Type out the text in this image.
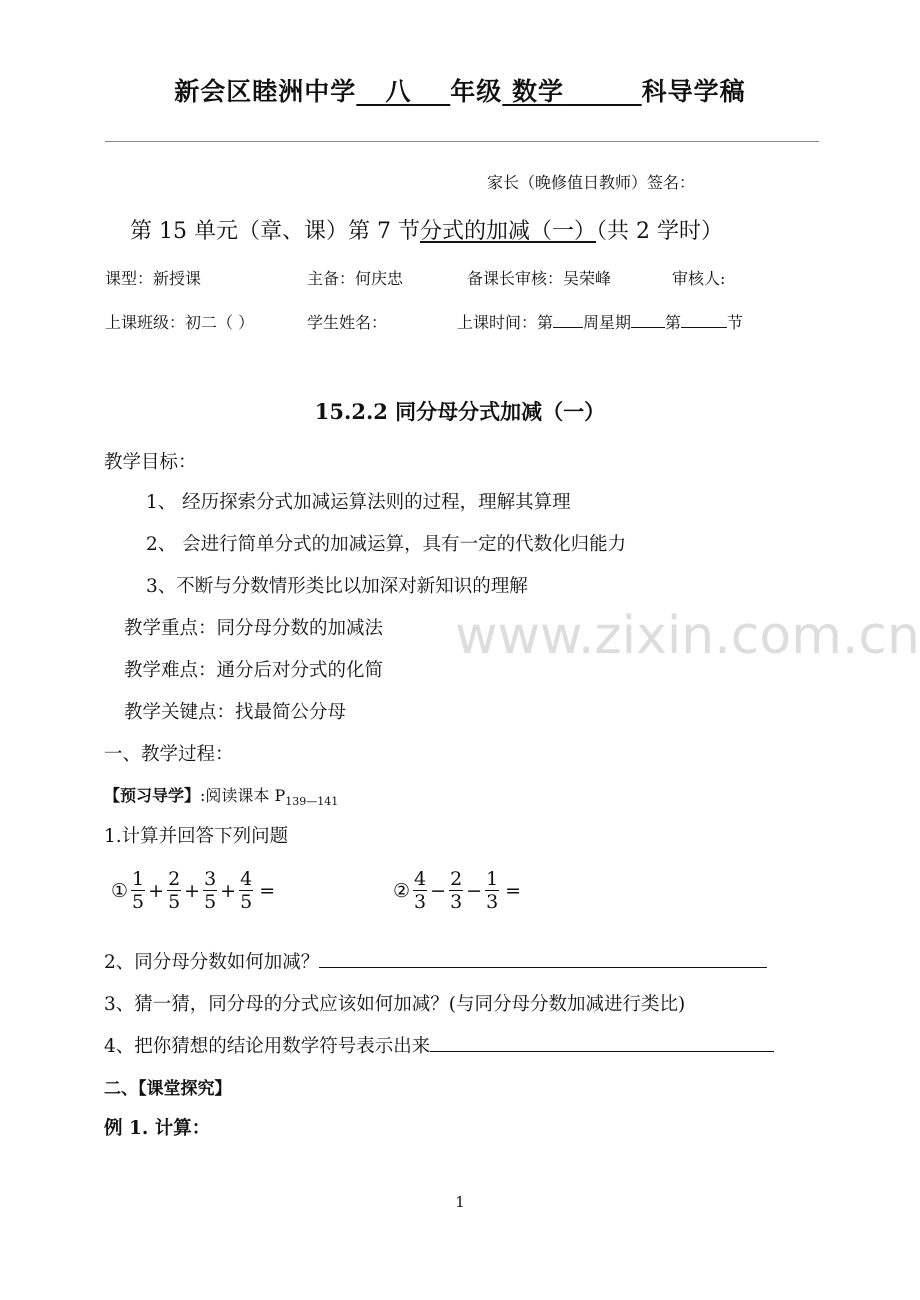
新会区睦洲中学 八 年级 数学	科导学稿
家长（晚修值日教师）签名：
第 15 单元（章、课）第 7 节分式的加减（一）（共 2 学时）
课型：新授课	主备：何庆忠	备课长审核：吴荣峰	审核人:
上课班级：初二（ ）	学生姓名：	上课时间：第 周星期 第	节
15.2.2 同分母分式加减（一）
教学目标：
1、 经历探索分式加减运算法则的过程，理解其算理
2、 会进行简单分式的加减运算，具有一定的代数化归能力
3、不断与分数情形类比以加深对新知识的理解
教学重点：同分母分数的加减法
教学难点：通分后对分式的化简
教学关键点：找最简公分母
一、教学过程：
【预习导学】:阅读课本 $P_{139—141}$
1.计算并回答下列问题
① $\frac{1}{5} + \frac{2}{5} + \frac{3}{5} + \frac{4}{5}$ =	② $\frac{4}{3} - \frac{2}{3} - \frac{1}{3}$ =
2、同分母分数如何加减？
3、猜一猜，同分母的分式应该如何加减？(与同分母分数加减进行类比)
4、把你猜想的结论用数学符号表示出来
二、【课堂探究】
例 1. 计算：
www.zixin.com.cn
1
